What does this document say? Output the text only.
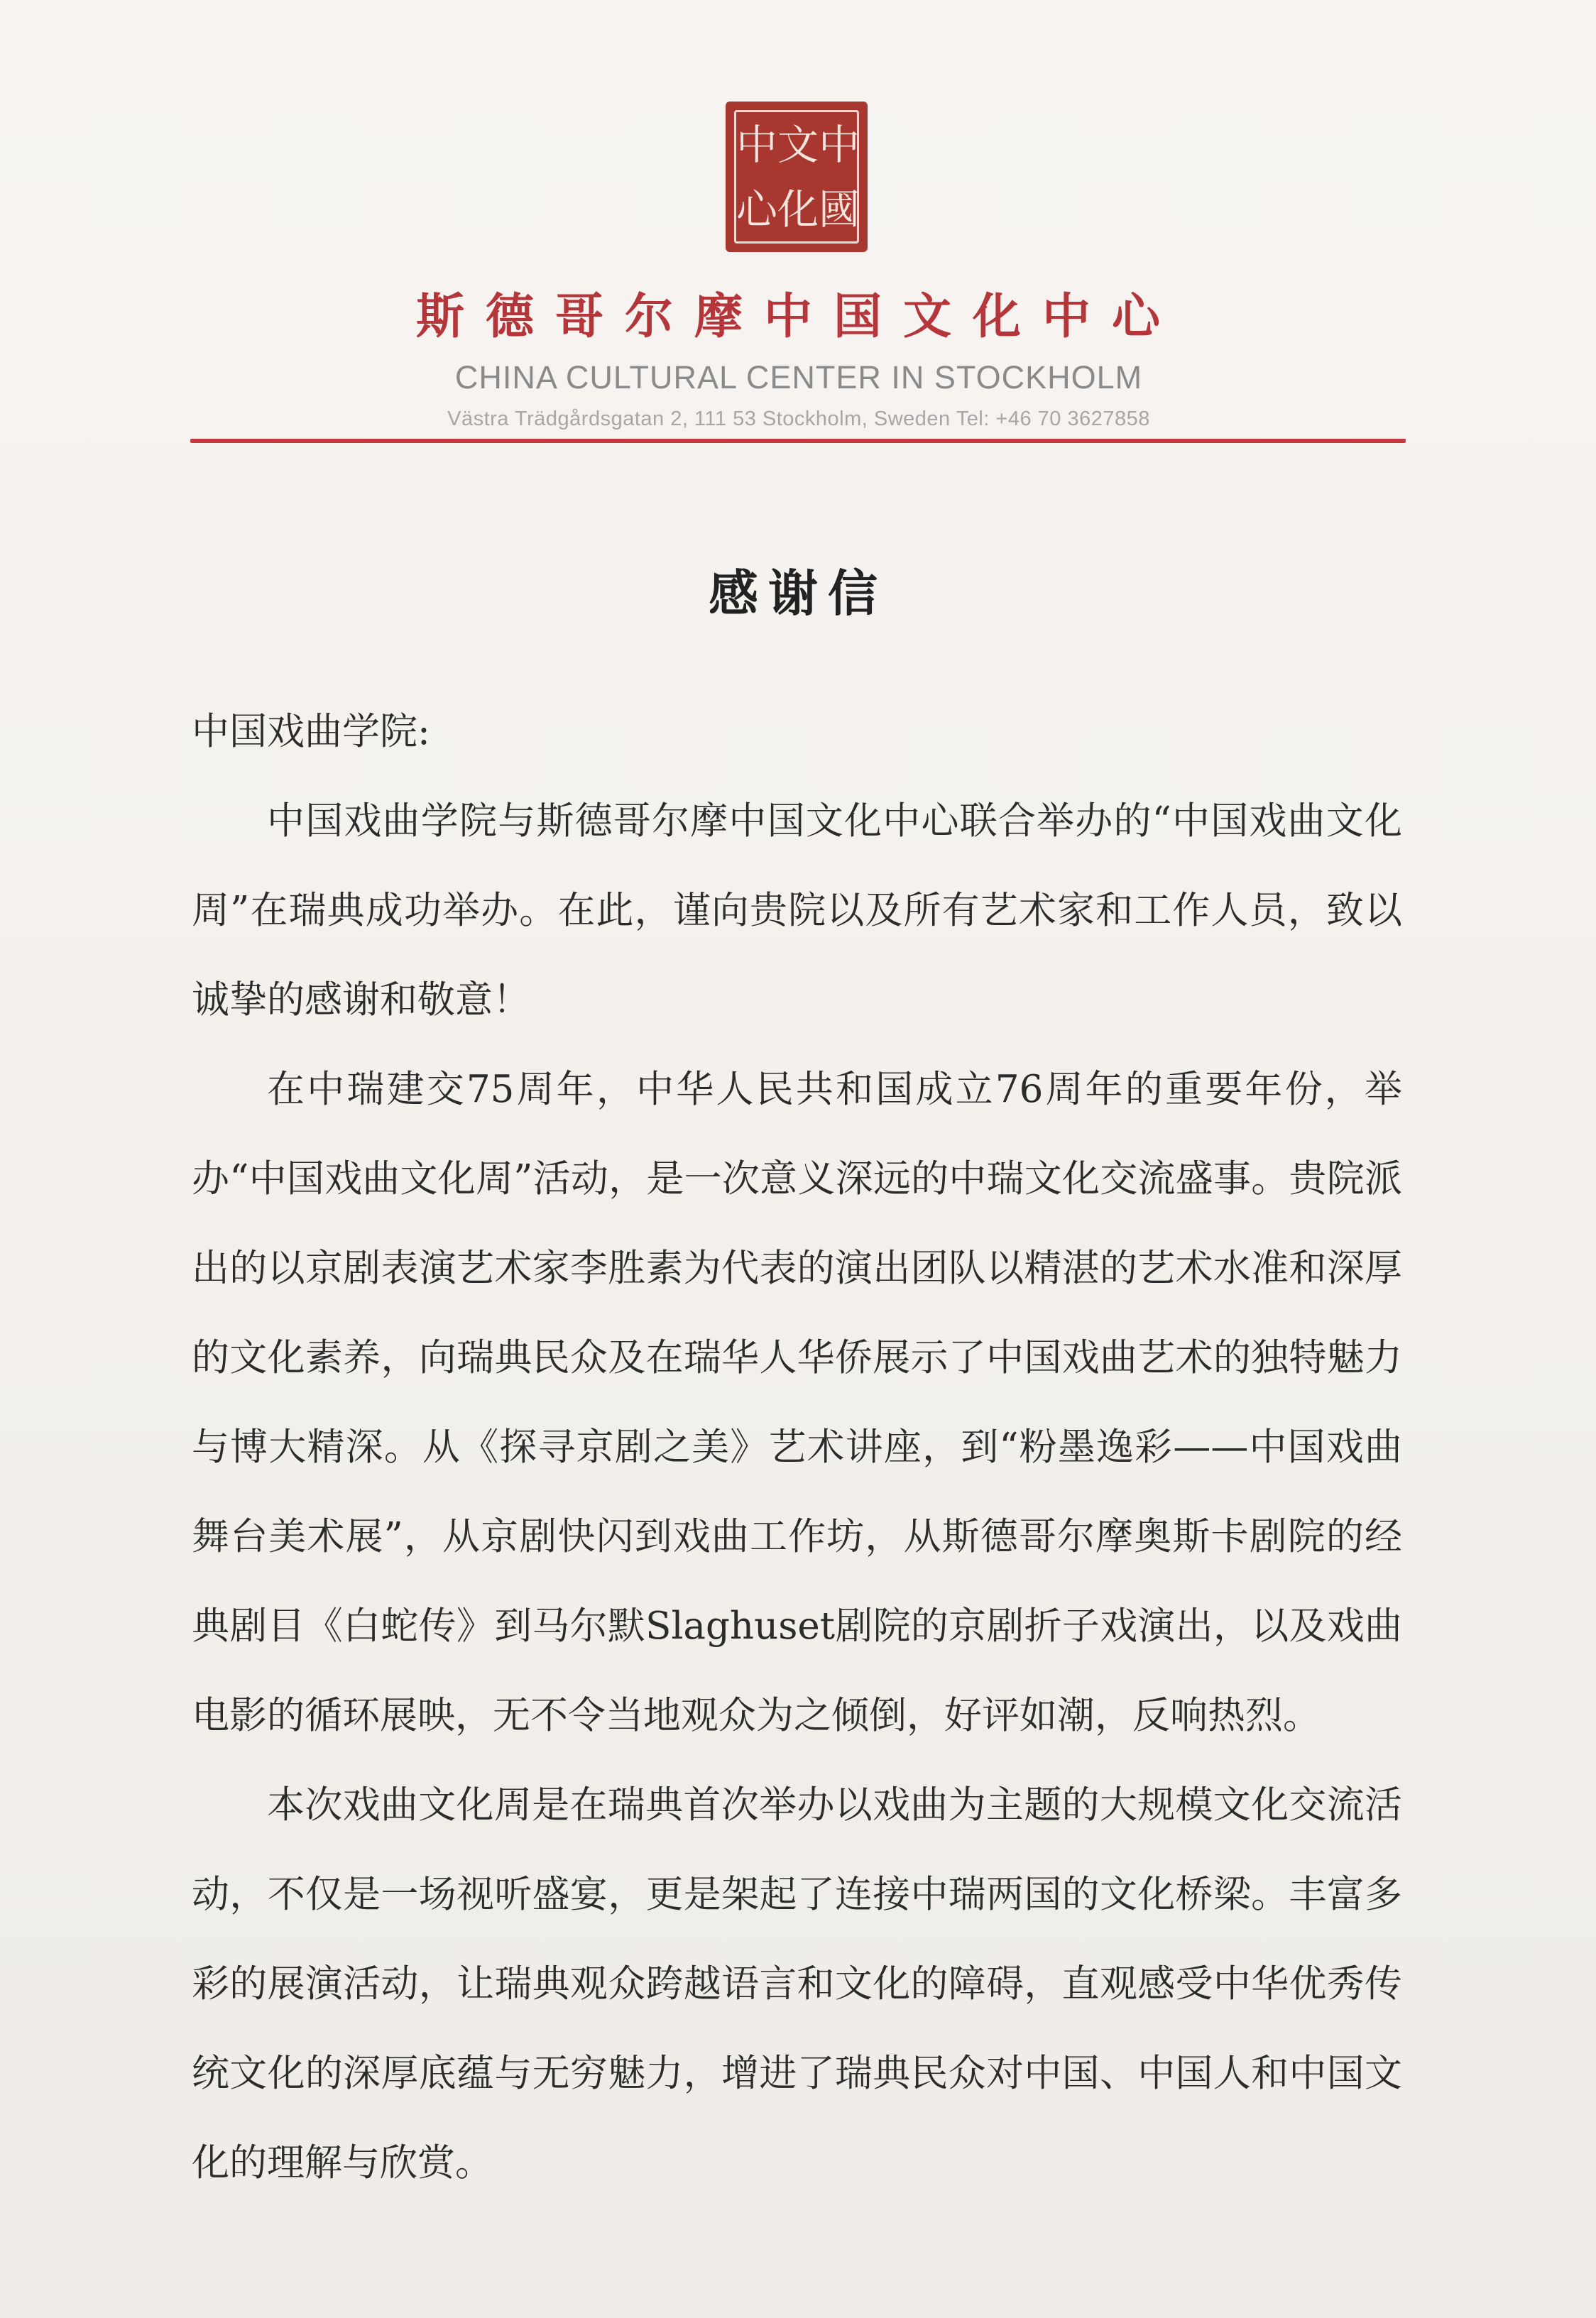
中 文 中
心 化 國
斯德哥尔摩中国文化中心
CHINA CULTURAL CENTER IN STOCKHOLM
Västra Trädgårdsgatan 2, 111 53 Stockholm, Sweden Tel: +46 70 3627858
感谢信

中国戏曲学院:

中国戏曲学院与斯德哥尔摩中国文化中心联合举办的“中国戏曲文化周”在瑞典成功举办。在此，谨向贵院以及所有艺术家和工作人员，致以诚挚的感谢和敬意！

在中瑞建交75周年，中华人民共和国成立76周年的重要年份，举办“中国戏曲文化周”活动，是一次意义深远的中瑞文化交流盛事。贵院派出的以京剧表演艺术家李胜素为代表的演出团队以精湛的艺术水准和深厚的文化素养，向瑞典民众及在瑞华人华侨展示了中国戏曲艺术的独特魅力与博大精深。从《探寻京剧之美》艺术讲座，到“粉墨逸彩——中国戏曲舞台美术展”，从京剧快闪到戏曲工作坊，从斯德哥尔摩奥斯卡剧院的经典剧目《白蛇传》到马尔默Slaghuset剧院的京剧折子戏演出，以及戏曲电影的循环展映，无不令当地观众为之倾倒，好评如潮，反响热烈。

本次戏曲文化周是在瑞典首次举办以戏曲为主题的大规模文化交流活动，不仅是一场视听盛宴，更是架起了连接中瑞两国的文化桥梁。丰富多彩的展演活动，让瑞典观众跨越语言和文化的障碍，直观感受中华优秀传统文化的深厚底蕴与无穷魅力，增进了瑞典民众对中国、中国人和中国文化的理解与欣赏。
